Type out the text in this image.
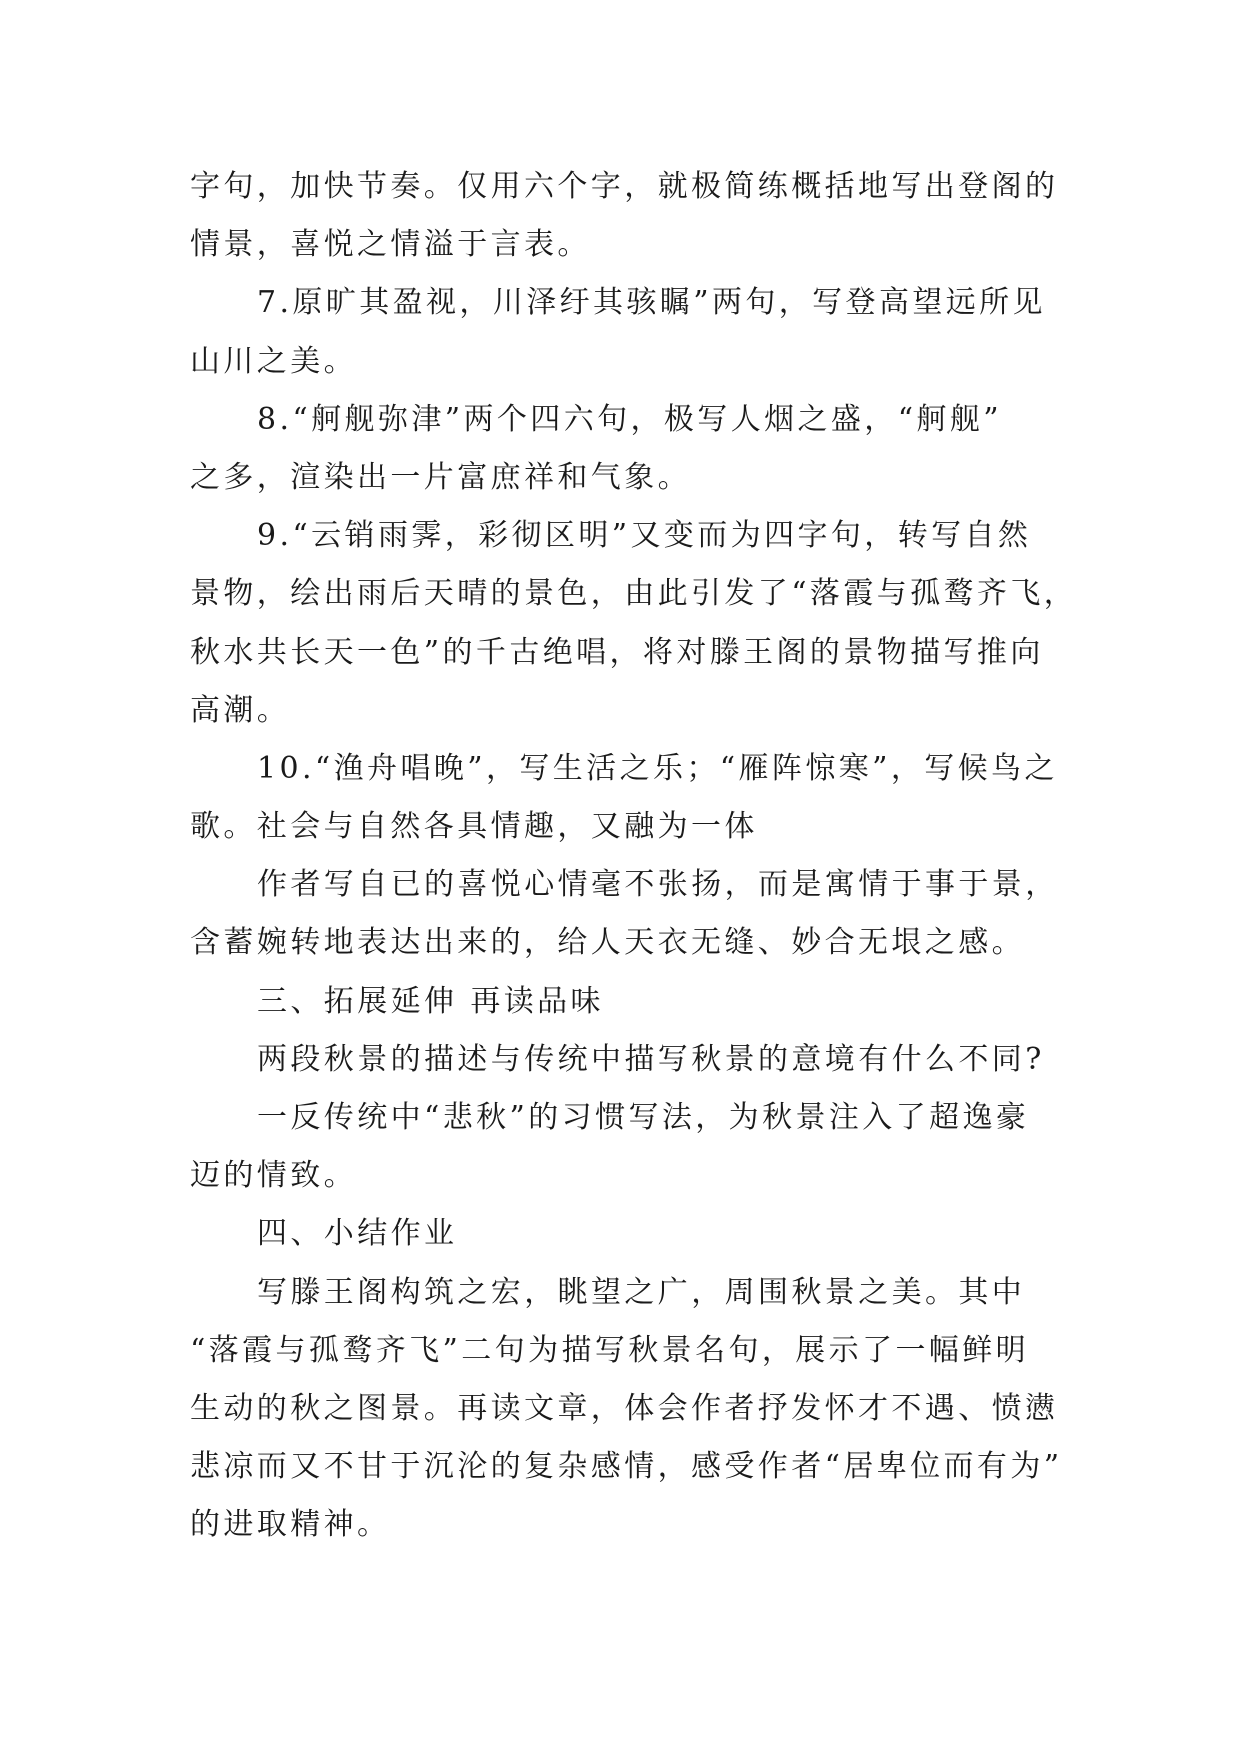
字句，加快节奏。仅用六个字，就极简练概括地写出登阁的
情景，喜悦之情溢于言表。
7.原旷其盈视，川泽纡其骇瞩”两句，写登高望远所见
山川之美。
8.“舸舰弥津”两个四六句，极写人烟之盛，“舸舰”
之多，渲染出一片富庶祥和气象。
9.“云销雨霁，彩彻区明”又变而为四字句，转写自然
景物，绘出雨后天晴的景色，由此引发了“落霞与孤鹜齐飞，
秋水共长天一色”的千古绝唱，将对滕王阁的景物描写推向
高潮。
10.“渔舟唱晚”，写生活之乐；“雁阵惊寒”，写候鸟之
歌。社会与自然各具情趣，又融为一体
作者写自已的喜悦心情毫不张扬，而是寓情于事于景，
含蓄婉转地表达出来的，给人天衣无缝、妙合无垠之感。
三、拓展延伸 再读品味
两段秋景的描述与传统中描写秋景的意境有什么不同?
一反传统中“悲秋”的习惯写法，为秋景注入了超逸豪
迈的情致。
四、小结作业
写滕王阁构筑之宏，眺望之广，周围秋景之美。其中
“落霞与孤鹜齐飞”二句为描写秋景名句，展示了一幅鲜明
生动的秋之图景。再读文章，体会作者抒发怀才不遇、愤懑
悲凉而又不甘于沉沦的复杂感情，感受作者“居卑位而有为”
的进取精神。
